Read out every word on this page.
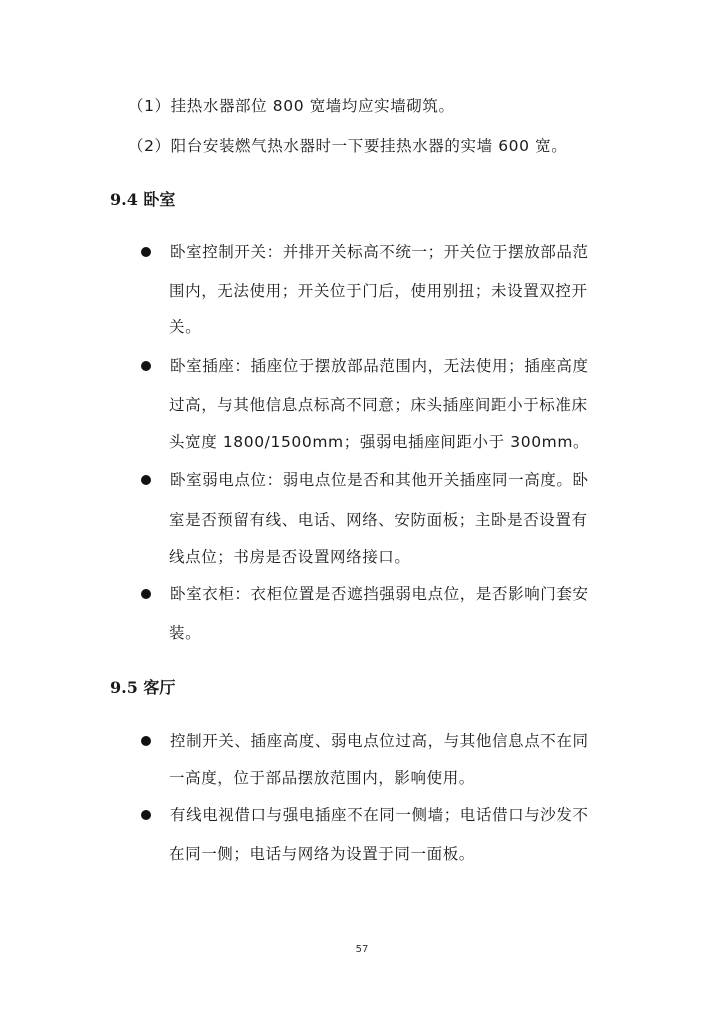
（1）挂热水器部位 800 宽墙均应实墙砌筑。
（2）阳台安装燃气热水器时一下要挂热水器的实墙 600 宽。
9.4 卧室
卧室控制开关：并排开关标高不统一；开关位于摆放部品范
围内，无法使用；开关位于门后，使用别扭；未设置双控开
关。
卧室插座：插座位于摆放部品范围内，无法使用；插座高度
过高，与其他信息点标高不同意；床头插座间距小于标准床
头宽度 1800/1500mm；强弱电插座间距小于 300mm。
卧室弱电点位：弱电点位是否和其他开关插座同一高度。卧
室是否预留有线、电话、网络、安防面板；主卧是否设置有
线点位；书房是否设置网络接口。
卧室衣柜：衣柜位置是否遮挡强弱电点位，是否影响门套安
装。
9.5 客厅
控制开关、插座高度、弱电点位过高，与其他信息点不在同
一高度，位于部品摆放范围内，影响使用。
有线电视借口与强电插座不在同一侧墙；电话借口与沙发不
在同一侧；电话与网络为设置于同一面板。
57
